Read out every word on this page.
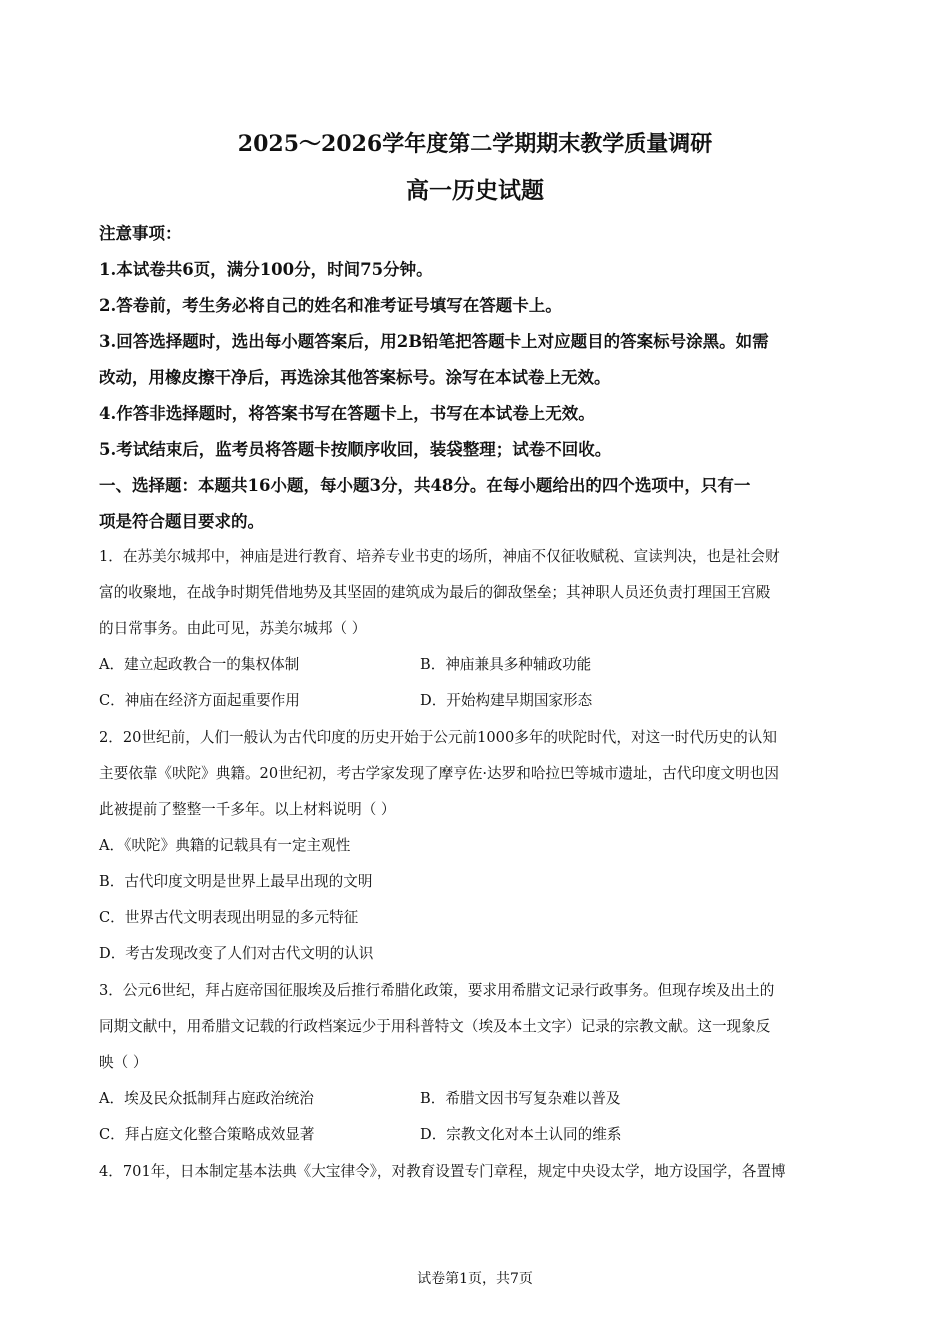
2025～2026学年度第二学期期末教学质量调研
高一历史试题
注意事项：
1.本试卷共6页，满分100分，时间75分钟。
2.答卷前，考生务必将自己的姓名和准考证号填写在答题卡上。
3.回答选择题时，选出每小题答案后，用2B铅笔把答题卡上对应题目的答案标号涂黑。如需
改动，用橡皮擦干净后，再选涂其他答案标号。涂写在本试卷上无效。
4.作答非选择题时，将答案书写在答题卡上，书写在本试卷上无效。
5.考试结束后，监考员将答题卡按顺序收回，装袋整理；试卷不回收。
一、选择题：本题共16小题，每小题3分，共48分。在每小题给出的四个选项中，只有一
项是符合题目要求的。
1．在苏美尔城邦中，神庙是进行教育、培养专业书吏的场所，神庙不仅征收赋税、宣读判决，也是社会财
富的收聚地，在战争时期凭借地势及其坚固的建筑成为最后的御敌堡垒；其神职人员还负责打理国王宫殿
的日常事务。由此可见，苏美尔城邦（ ）
A．建立起政教合一的集权体制	B．神庙兼具多种辅政功能
C．神庙在经济方面起重要作用	D．开始构建早期国家形态
2．20世纪前，人们一般认为古代印度的历史开始于公元前1000多年的吠陀时代，对这一时代历史的认知
主要依靠《吠陀》典籍。20世纪初，考古学家发现了摩亨佐·达罗和哈拉巴等城市遗址，古代印度文明也因
此被提前了整整一千多年。以上材料说明（ ）
A．《吠陀》典籍的记载具有一定主观性
B．古代印度文明是世界上最早出现的文明
C．世界古代文明表现出明显的多元特征
D．考古发现改变了人们对古代文明的认识
3．公元6世纪，拜占庭帝国征服埃及后推行希腊化政策，要求用希腊文记录行政事务。但现存埃及出土的
同期文献中，用希腊文记载的行政档案远少于用科普特文（埃及本土文字）记录的宗教文献。这一现象反
映（ ）
A．埃及民众抵制拜占庭政治统治	B．希腊文因书写复杂难以普及
C．拜占庭文化整合策略成效显著	D．宗教文化对本土认同的维系
4．701年，日本制定基本法典《大宝律令》，对教育设置专门章程，规定中央设太学，地方设国学，各置博
试卷第1页，共7页
